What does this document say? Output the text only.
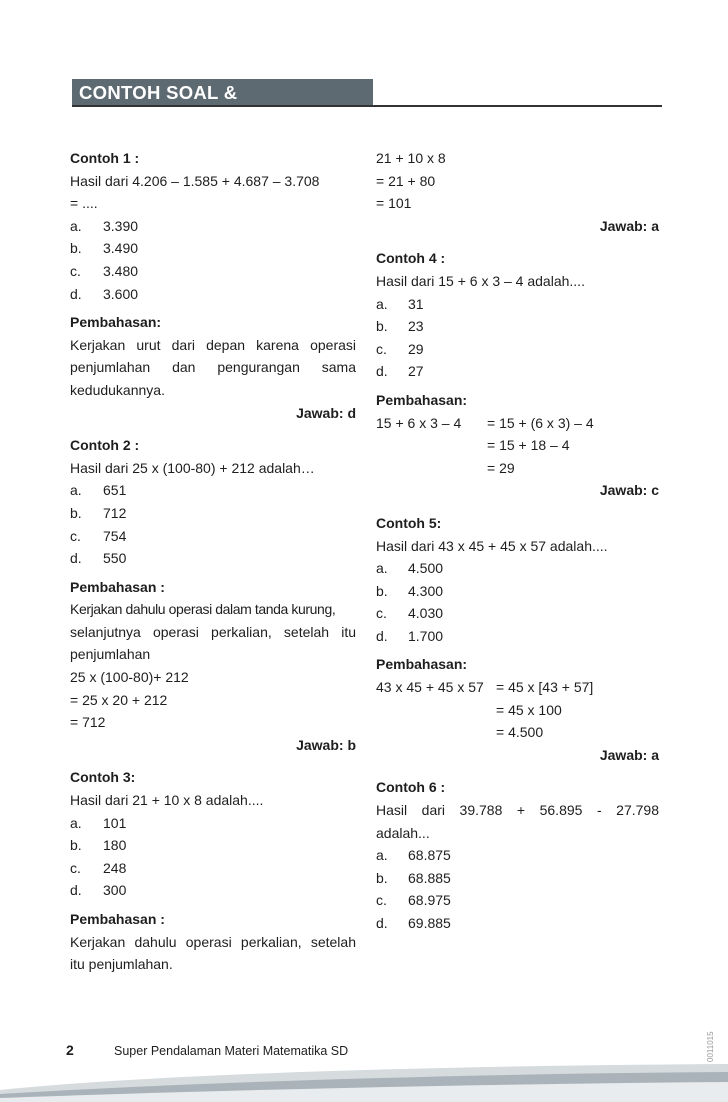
CONTOH SOAL & PEMBAHASAN
Contoh 1 :
Hasil dari 4.206 – 1.585 + 4.687 – 3.708
= ....
a.	3.390
b.	3.490
c.	3.480
d.	3.600
Pembahasan:
Kerjakan urut dari depan karena operasi
penjumlahan dan pengurangan sama
kedudukannya.
Jawab: d
Contoh 2 :
Hasil dari 25 x (100-80) + 212 adalah…
a.	651
b.	712
c.	754
d.	550
Pembahasan :
Kerjakan dahulu operasi dalam tanda kurung,
selanjutnya operasi perkalian, setelah itu
penjumlahan
25 x (100-80)+ 212
= 25 x 20 + 212
= 712
Jawab: b
Contoh 3:
Hasil dari 21 + 10 x 8 adalah....
a.	101
b.	180
c.	248
d.	300
Pembahasan :
Kerjakan dahulu operasi perkalian, setelah
itu penjumlahan.
21 + 10 x 8
= 21 + 80
= 101
Jawab: a
Contoh 4 :
Hasil dari 15 + 6 x 3 – 4 adalah....
a.	31
b.	23
c.	29
d.	27
Pembahasan:
15 + 6 x 3 – 4	= 15 + (6 x 3) – 4
= 15 + 18 – 4
= 29
Jawab: c
Contoh 5:
Hasil dari 43 x 45 + 45 x 57 adalah....
a.	4.500
b.	4.300
c.	4.030
d.	1.700
Pembahasan:
43 x 45 + 45 x 57 = 45 x [43 + 57]
= 45 x 100
= 4.500
Jawab: a
Contoh 6 :
Hasil dari 39.788 + 56.895 - 27.798
adalah...
a.	68.875
b.	68.885
c.	68.975
d.	69.885
2	Super Pendalaman Materi Matematika SD	0011015
